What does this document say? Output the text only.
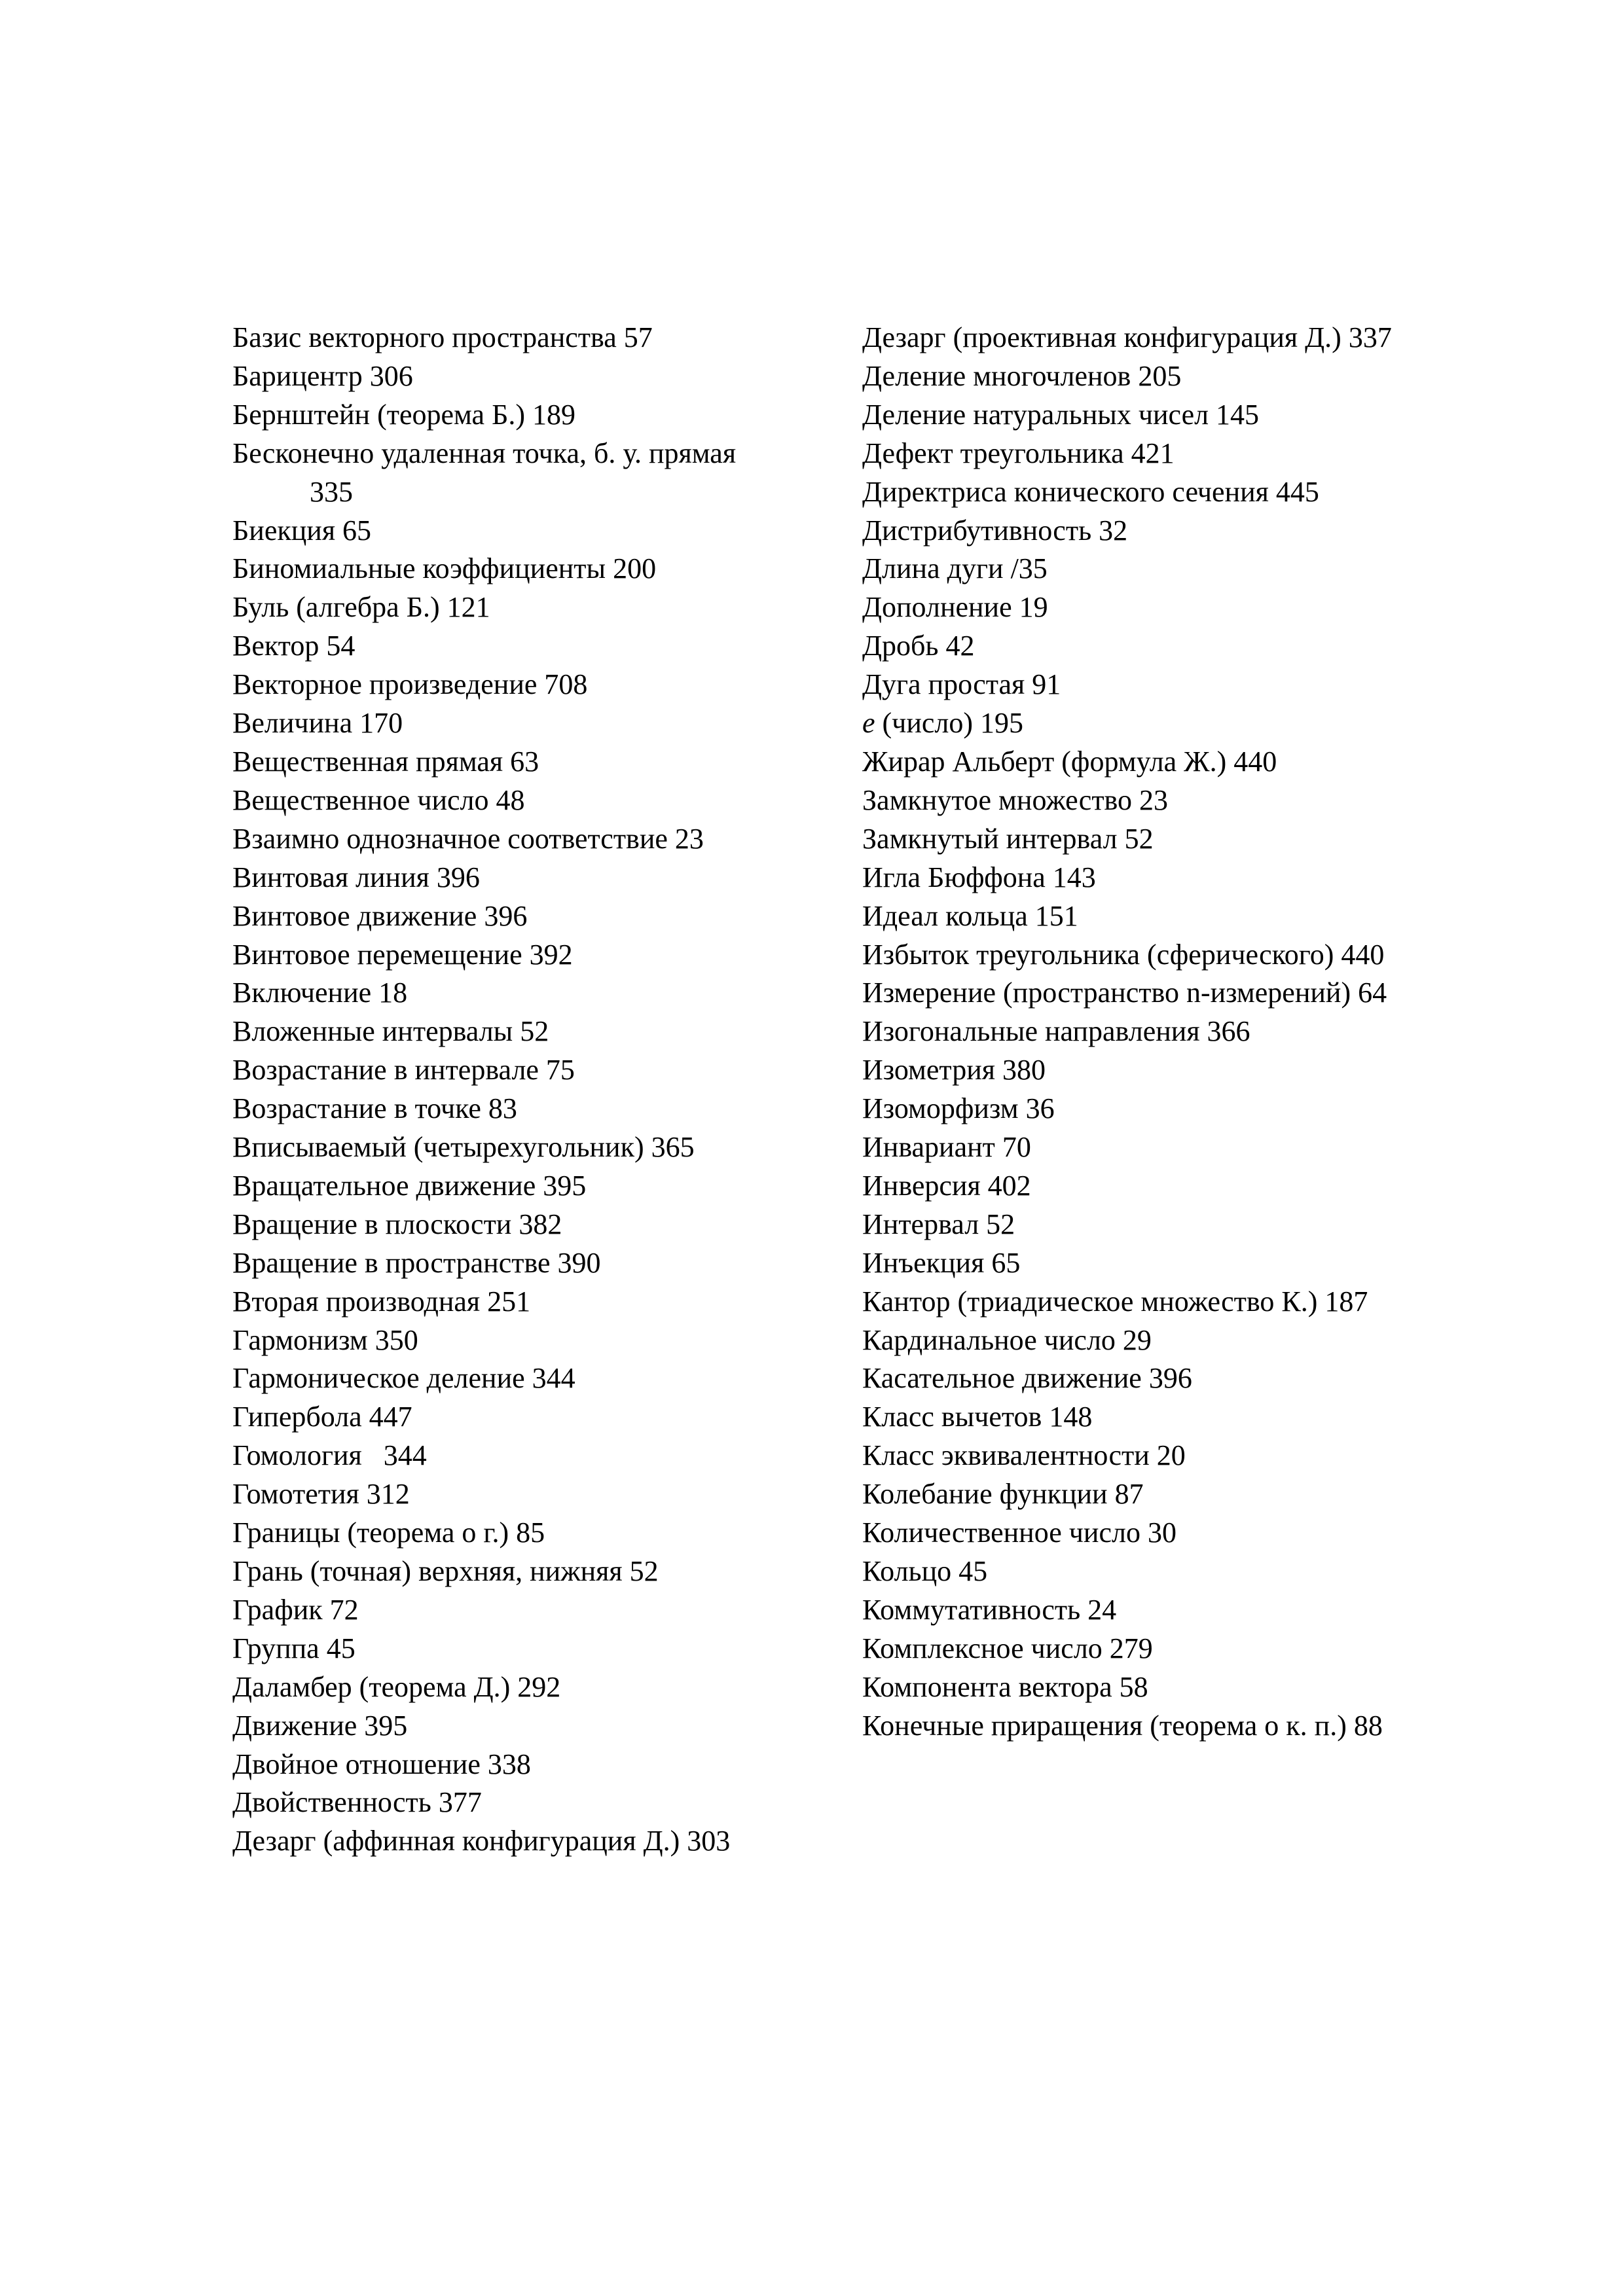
Базис векторного пространства 57
Барицентр 306
Бернштейн (теорема Б.) 189
Бесконечно удаленная точка, б. у. прямая 335
Биекция 65
Биномиальные коэффициенты 200
Буль (алгебра Б.) 121
Вектор 54
Векторное произведение 708
Величина 170
Вещественная прямая 63
Вещественное число 48
Взаимно однозначное соответствие 23
Винтовая линия 396
Винтовое движение 396
Винтовое перемещение 392
Включение 18
Вложенные интервалы 52
Возрастание в интервале 75
Возрастание в точке 83
Вписываемый (четырехугольник) 365
Вращательное движение 395
Вращение в плоскости 382
Вращение в пространстве 390
Вторая производная 251
Гармонизм 350
Гармоническое деление 344
Гипербола 447
Гомология   344
Гомотетия 312
Границы (теорема о г.) 85
Грань (точная) верхняя, нижняя 52
График 72
Группа 45
Даламбер (теорема Д.) 292
Движение 395
Двойное отношение 338
Двойственность 377
Дезарг (аффинная конфигурация Д.) 303
Дезарг (проективная конфигурация Д.) 337
Деление многочленов 205
Деление натуральных чисел 145
Дефект треугольника 421
Директриса конического сечения 445
Дистрибутивность 32
Длина дуги /35
Дополнение 19
Дробь 42
Дуга простая 91
e (число) 195
Жирар Альберт (формула Ж.) 440
Замкнутое множество 23
Замкнутый интервал 52
Игла Бюффона 143
Идеал кольца 151
Избыток треугольника (сферического) 440
Измерение (пространство n-измерений) 64
Изогональные направления 366
Изометрия 380
Изоморфизм 36
Инвариант 70
Инверсия 402
Интервал 52
Инъекция 65
Кантор (триадическое множество К.) 187
Кардинальное число 29
Касательное движение 396
Класс вычетов 148
Класс эквивалентности 20
Колебание функции 87
Количественное число 30
Кольцо 45
Коммутативность 24
Комплексное число 279
Компонента вектора 58
Конечные приращения (теорема о к. п.) 88
